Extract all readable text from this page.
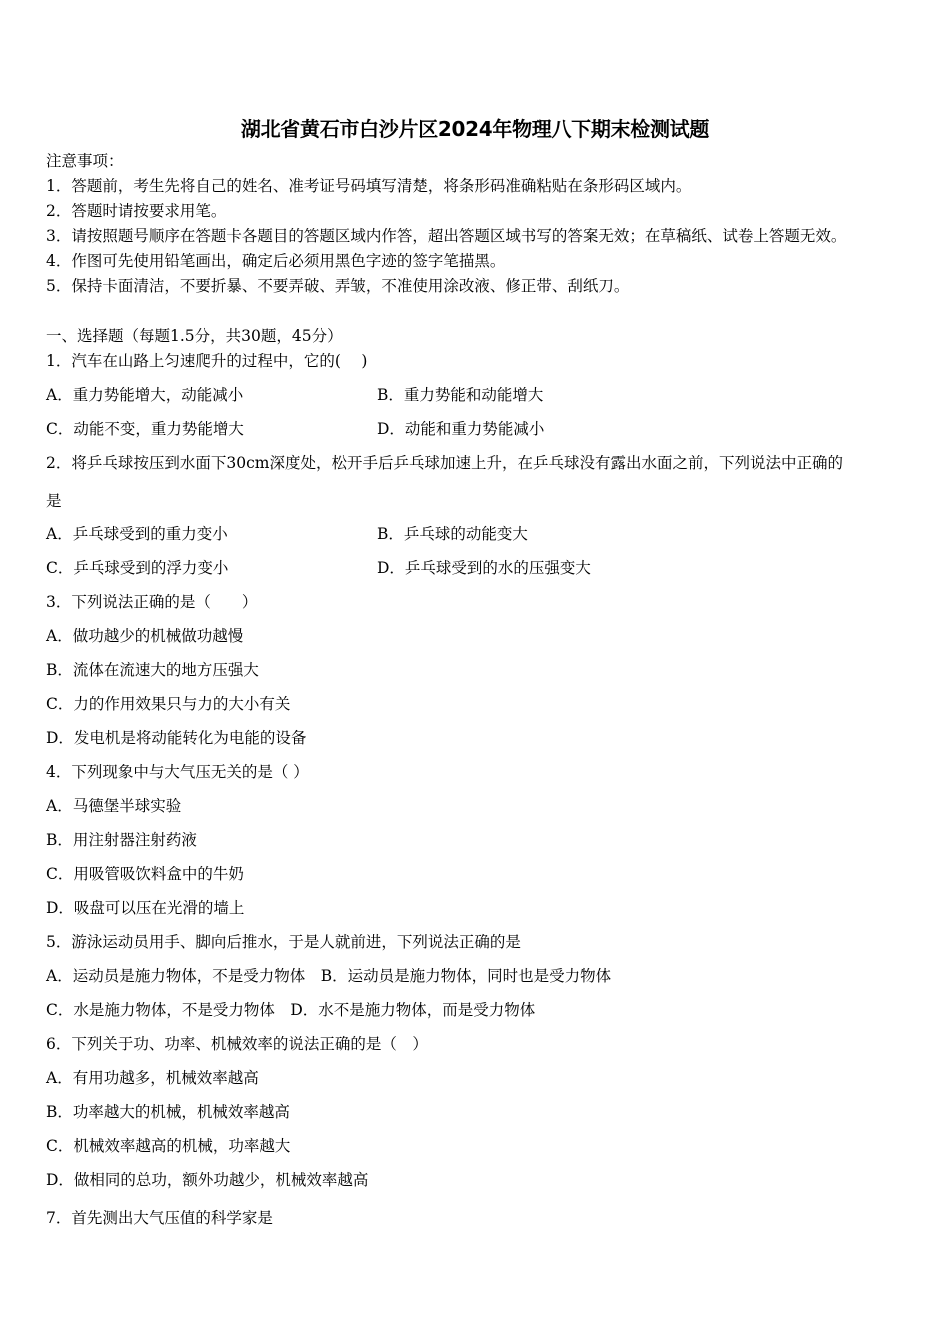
湖北省黄石市白沙片区2024年物理八下期末检测试题
注意事项：
1．答题前，考生先将自己的姓名、准考证号码填写清楚，将条形码准确粘贴在条形码区域内。
2．答题时请按要求用笔。
3．请按照题号顺序在答题卡各题目的答题区域内作答，超出答题区域书写的答案无效；在草稿纸、试卷上答题无效。
4．作图可先使用铅笔画出，确定后必须用黑色字迹的签字笔描黑。
5．保持卡面清洁，不要折暴、不要弄破、弄皱，不准使用涂改液、修正带、刮纸刀。
一、选择题（每题1.5分，共30题，45分）
1．汽车在山路上匀速爬升的过程中，它的(　 )
A．重力势能增大，动能减小	B．重力势能和动能增大
C．动能不变，重力势能增大	D．动能和重力势能减小
2．将乒乓球按压到水面下30cm深度处，松开手后乒乓球加速上升，在乒乓球没有露出水面之前，下列说法中正确的
是
A．乒乓球受到的重力变小	B．乒乓球的动能变大
C．乒乓球受到的浮力变小	D．乒乓球受到的水的压强变大
3．下列说法正确的是（　　）
A．做功越少的机械做功越慢
B．流体在流速大的地方压强大
C．力的作用效果只与力的大小有关
D．发电机是将动能转化为电能的设备
4．下列现象中与大气压无关的是（ ）
A．马德堡半球实验
B．用注射器注射药液
C．用吸管吸饮料盒中的牛奶
D．吸盘可以压在光滑的墙上
5．游泳运动员用手、脚向后推水，于是人就前进，下列说法正确的是
A．运动员是施力物体，不是受力物体　B．运动员是施力物体，同时也是受力物体
C．水是施力物体，不是受力物体　D．水不是施力物体，而是受力物体
6．下列关于功、功率、机械效率的说法正确的是（　）
A．有用功越多，机械效率越高
B．功率越大的机械，机械效率越高
C．机械效率越高的机械，功率越大
D．做相同的总功，额外功越少，机械效率越高
7．首先测出大气压值的科学家是
